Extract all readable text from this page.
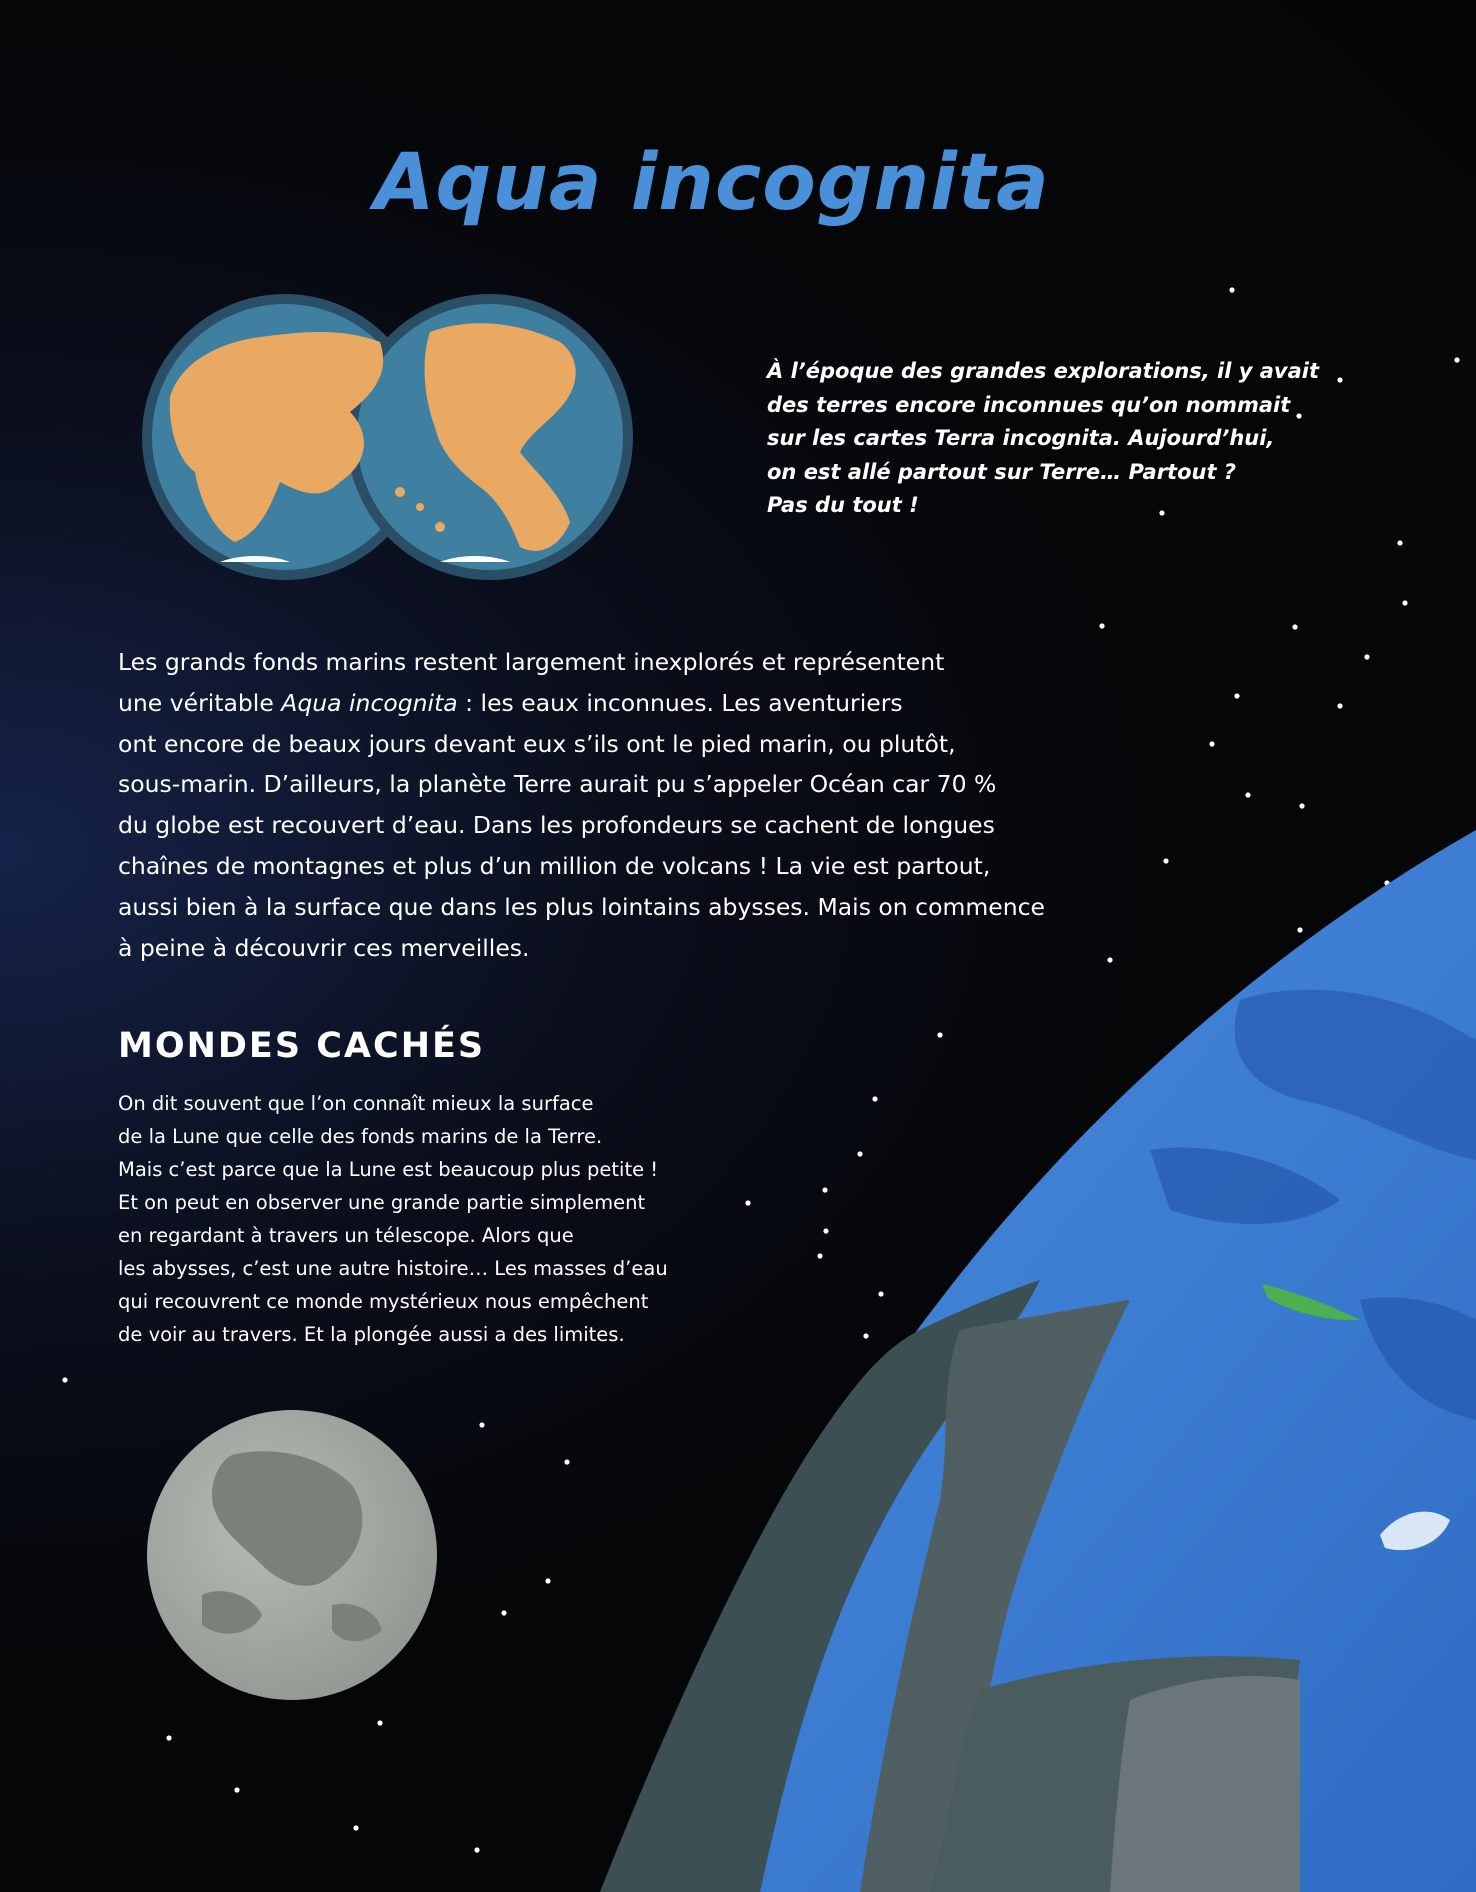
Aqua incognita
À l’époque des grandes explorations, il y avait
des terres encore inconnues qu’on nommait
sur les cartes Terra incognita. Aujourd’hui,
on est allé partout sur Terre… Partout ?
Pas du tout !
Les grands fonds marins restent largement inexplorés et représentent
une véritable Aqua incognita : les eaux inconnues. Les aventuriers
ont encore de beaux jours devant eux s’ils ont le pied marin, ou plutôt,
sous-marin. D’ailleurs, la planète Terre aurait pu s’appeler Océan car 70 %
du globe est recouvert d’eau. Dans les profondeurs se cachent de longues
chaînes de montagnes et plus d’un million de volcans ! La vie est partout,
aussi bien à la surface que dans les plus lointains abysses. Mais on commence
à peine à découvrir ces merveilles.
MONDES CACHÉS
On dit souvent que l’on connaît mieux la surface
de la Lune que celle des fonds marins de la Terre.
Mais c’est parce que la Lune est beaucoup plus petite !
Et on peut en observer une grande partie simplement
en regardant à travers un télescope. Alors que
les abysses, c’est une autre histoire… Les masses d’eau
qui recouvrent ce monde mystérieux nous empêchent
de voir au travers. Et la plongée aussi a des limites.
